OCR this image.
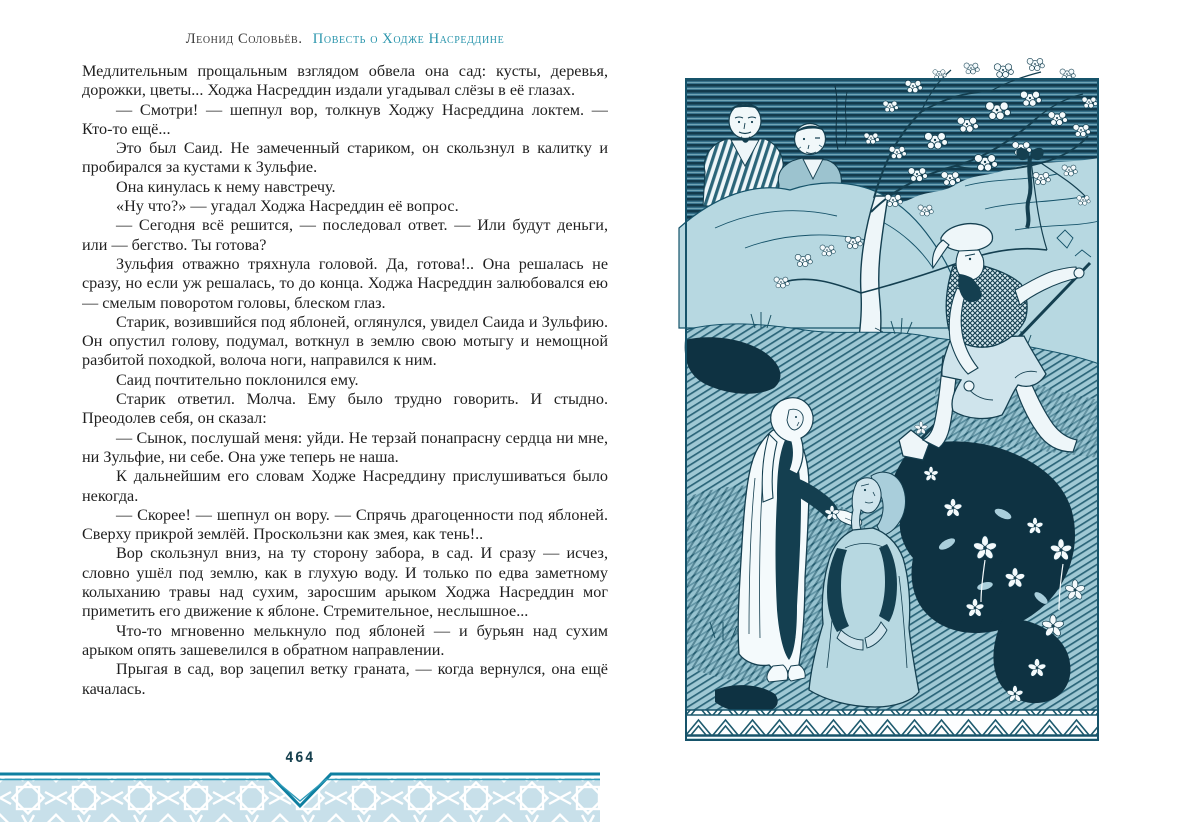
Леонид Соловьёв. Повесть о Ходже Насреддине

Медлительным прощальным взглядом обвела она сад: кусты, деревья, дорожки, цветы... Ходжа Насреддин издали угадывал слёзы в её глазах.

— Смотри! — шепнул вор, толкнув Ходжу Насреддина локтем. — Кто-то ещё...

Это был Саид. Не замеченный стариком, он скользнул в калитку и пробирался за кустами к Зульфие.

Она кинулась к нему навстречу.

«Ну что?» — угадал Ходжа Насреддин её вопрос.

— Сегодня всё решится, — последовал ответ. — Или будут деньги, или — бегство. Ты готова?

Зульфия отважно тряхнула головой. Да, готова!.. Она решалась не сразу, но если уж решалась, то до конца. Ходжа Насреддин залюбовался ею — смелым поворотом головы, блеском глаз.

Старик, возившийся под яблоней, оглянулся, увидел Саида и Зульфию. Он опустил голову, подумал, воткнул в землю свою мотыгу и немощной разбитой походкой, волоча ноги, направился к ним.

Саид почтительно поклонился ему.

Старик ответил. Молча. Ему было трудно говорить. И стыдно. Преодолев себя, он сказал:

— Сынок, послушай меня: уйди. Не терзай понапрасну сердца ни мне, ни Зульфие, ни себе. Она уже теперь не наша.

К дальнейшим его словам Ходже Насреддину прислушиваться было некогда.

— Скорее! — шепнул он вору. — Спрячь драгоценности под яблоней. Сверху прикрой землёй. Проскользни как змея, как тень!..

Вор скользнул вниз, на ту сторону забора, в сад. И сразу — исчез, словно ушёл под землю, как в глухую воду. И только по едва заметному колыханию травы над сухим, заросшим арыком Ходжа Насреддин мог приметить его движение к яблоне. Стремительное, неслышное...

Что-то мгновенно мелькнуло под яблоней — и бурьян над сухим арыком опять зашевелился в обратном направлении.

Прыгая в сад, вор зацепил ветку граната, — когда вернулся, она ещё качалась.

464
